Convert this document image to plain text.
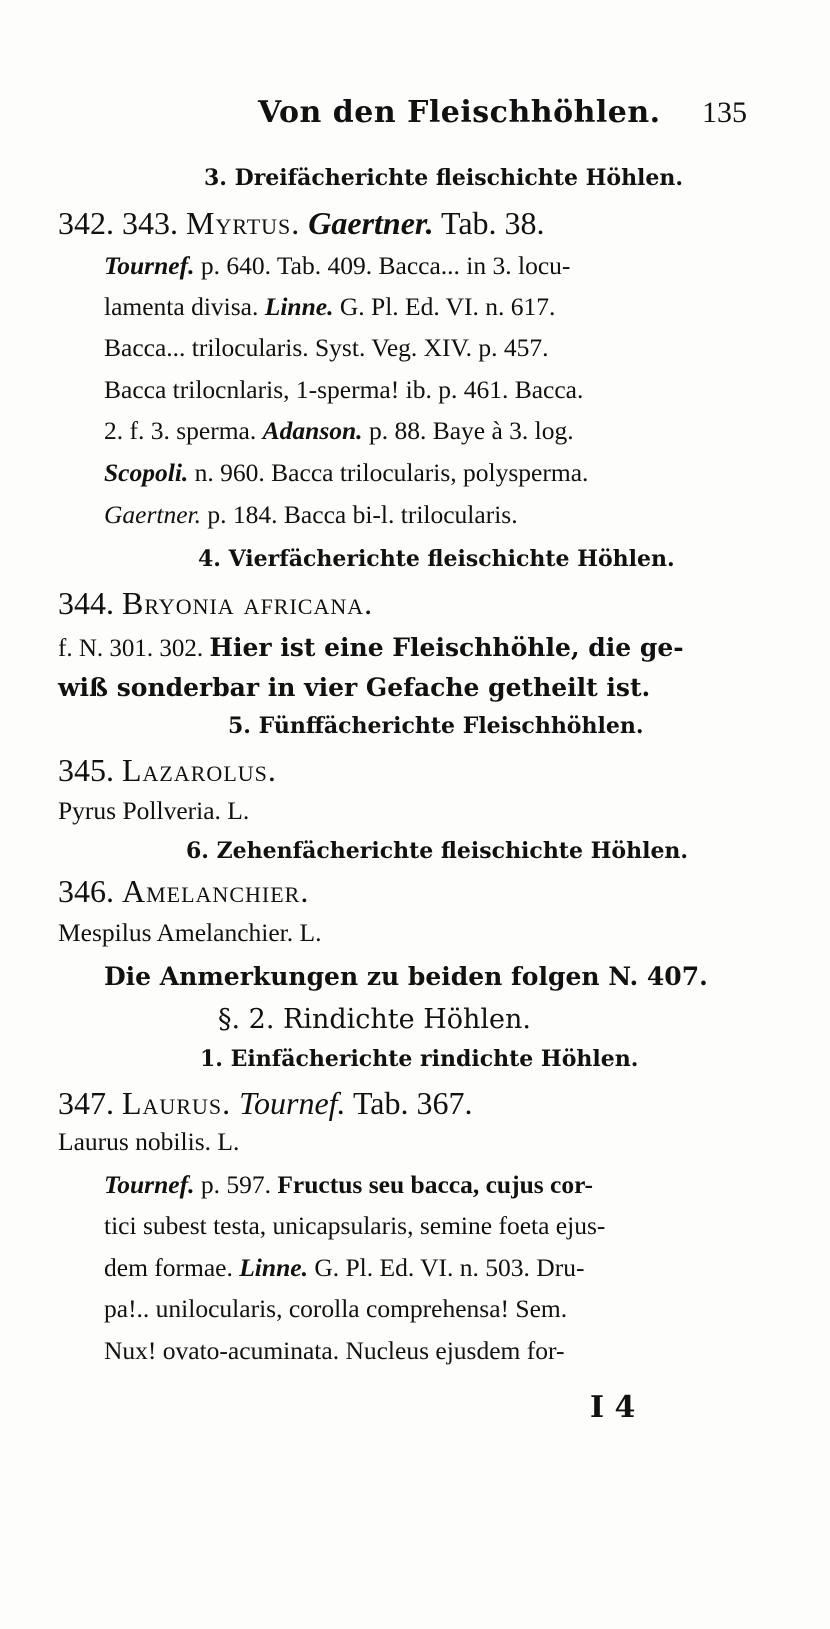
Von den Fleischhöhlen. 135
3. Dreifächerichte fleischichte Höhlen.
342. 343. Myrtus. Gaertner. Tab. 38.
Tournef. p. 640. Tab. 409. Bacca... in 3. locu-
lamenta divisa. Linne. G. Pl. Ed. VI. n. 617.
Bacca... trilocularis. Syst. Veg. XIV. p. 457.
Bacca trilocnlaris, 1-sperma! ib. p. 461. Bacca.
2. f. 3. sperma. Adanson. p. 88. Baye à 3. log.
Scopoli. n. 960. Bacca trilocularis, polysperma.
Gaertner. p. 184. Bacca bi-l. trilocularis.
4. Vierfächerichte fleischichte Höhlen.
344. Bryonia africana.
f. N. 301. 302. Hier ist eine Fleischhöhle, die ge-
wiß sonderbar in vier Gefache getheilt ist.
5. Fünffächerichte Fleischhöhlen.
345. Lazarolus.
Pyrus Pollveria. L.
6. Zehenfächerichte fleischichte Höhlen.
346. Amelanchier.
Mespilus Amelanchier. L.
Die Anmerkungen zu beiden folgen N. 407.
§. 2. Rindichte Höhlen.
1. Einfächerichte rindichte Höhlen.
347. Laurus. Tournef. Tab. 367.
Laurus nobilis. L.
Tournef. p. 597. Fructus seu bacca, cujus cor-
tici subest testa, unicapsularis, semine foeta ejus-
dem formae. Linne. G. Pl. Ed. VI. n. 503. Dru-
pa!.. unilocularis, corolla comprehensa! Sem.
Nux! ovato-acuminata. Nucleus ejusdem for-
I 4
